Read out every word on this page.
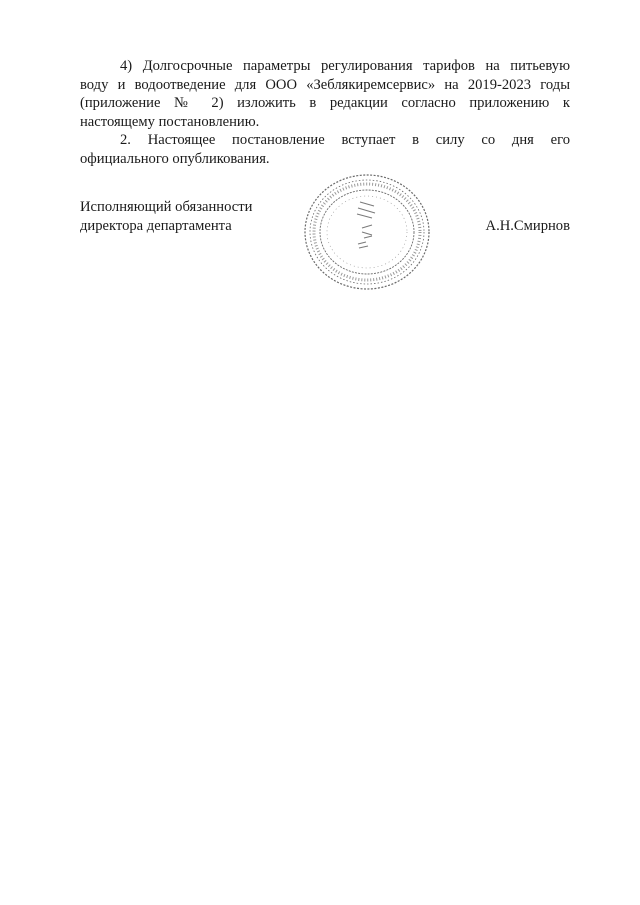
4) Долгосрочные параметры регулирования тарифов на питьевую
воду и водоотведение для ООО «Зеблякиремсервис» на 2019-2023 годы
(приложение № 2) изложить в редакции согласно приложению к
настоящему постановлению.
2. Настоящее постановление вступает в силу со дня его
официального опубликования.
Исполняющий обязанности
директора департамента	А.Н.Смирнов
